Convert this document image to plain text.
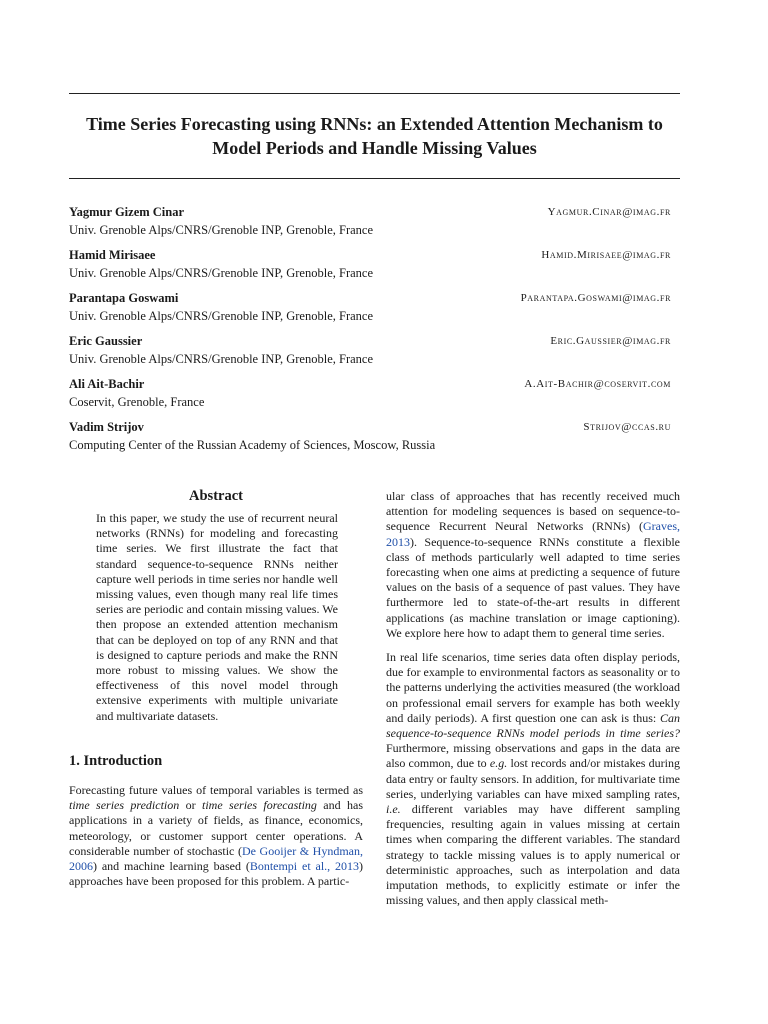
Time Series Forecasting using RNNs: an Extended Attention Mechanism to
Model Periods and Handle Missing Values
Yagmur Gizem Cinar	Yagmur.Cinar@imag.fr
Univ. Grenoble Alps/CNRS/Grenoble INP, Grenoble, France
Hamid Mirisaee	Hamid.Mirisaee@imag.fr
Univ. Grenoble Alps/CNRS/Grenoble INP, Grenoble, France
Parantapa Goswami	Parantapa.Goswami@imag.fr
Univ. Grenoble Alps/CNRS/Grenoble INP, Grenoble, France
Eric Gaussier	Eric.Gaussier@imag.fr
Univ. Grenoble Alps/CNRS/Grenoble INP, Grenoble, France
Ali Ait-Bachir	A.Ait-Bachir@coservit.com
Coservit, Grenoble, France
Vadim Strijov	Strijov@ccas.ru
Computing Center of the Russian Academy of Sciences, Moscow, Russia
Abstract
In this paper, we study the use of recurrent neural networks (RNNs) for modeling and forecasting time series. We first illustrate the fact that standard sequence-to-sequence RNNs neither capture well periods in time series nor handle well missing values, even though many real life times series are periodic and contain missing values. We then propose an extended attention mechanism that can be deployed on top of any RNN and that is designed to capture periods and make the RNN more robust to missing values. We show the effectiveness of this novel model through extensive experiments with multiple univariate and multivariate datasets.
1. Introduction

Forecasting future values of temporal variables is termed as time series prediction or time series forecasting and has applications in a variety of fields, as finance, economics, meteorology, or customer support center operations. A considerable number of stochastic (De Gooijer & Hyndman, 2006) and machine learning based (Bontempi et al., 2013) approaches have been proposed for this problem. A partic-

ular class of approaches that has recently received much attention for modeling sequences is based on sequence-to-sequence Recurrent Neural Networks (RNNs) (Graves, 2013). Sequence-to-sequence RNNs constitute a flexible class of methods particularly well adapted to time series forecasting when one aims at predicting a sequence of future values on the basis of a sequence of past values. They have furthermore led to state-of-the-art results in different applications (as machine translation or image captioning). We explore here how to adapt them to general time series.

In real life scenarios, time series data often display periods, due for example to environmental factors as seasonality or to the patterns underlying the activities measured (the workload on professional email servers for example has both weekly and daily periods). A first question one can ask is thus: Can sequence-to-sequence RNNs model periods in time series? Furthermore, missing observations and gaps in the data are also common, due to e.g. lost records and/or mistakes during data entry or faulty sensors. In addition, for multivariate time series, underlying variables can have mixed sampling rates, i.e. different variables may have different sampling frequencies, resulting again in values missing at certain times when comparing the different variables. The standard strategy to tackle missing values is to apply numerical or deterministic approaches, such as interpolation and data imputation methods, to explicitly estimate or infer the missing values, and then apply classical meth-
